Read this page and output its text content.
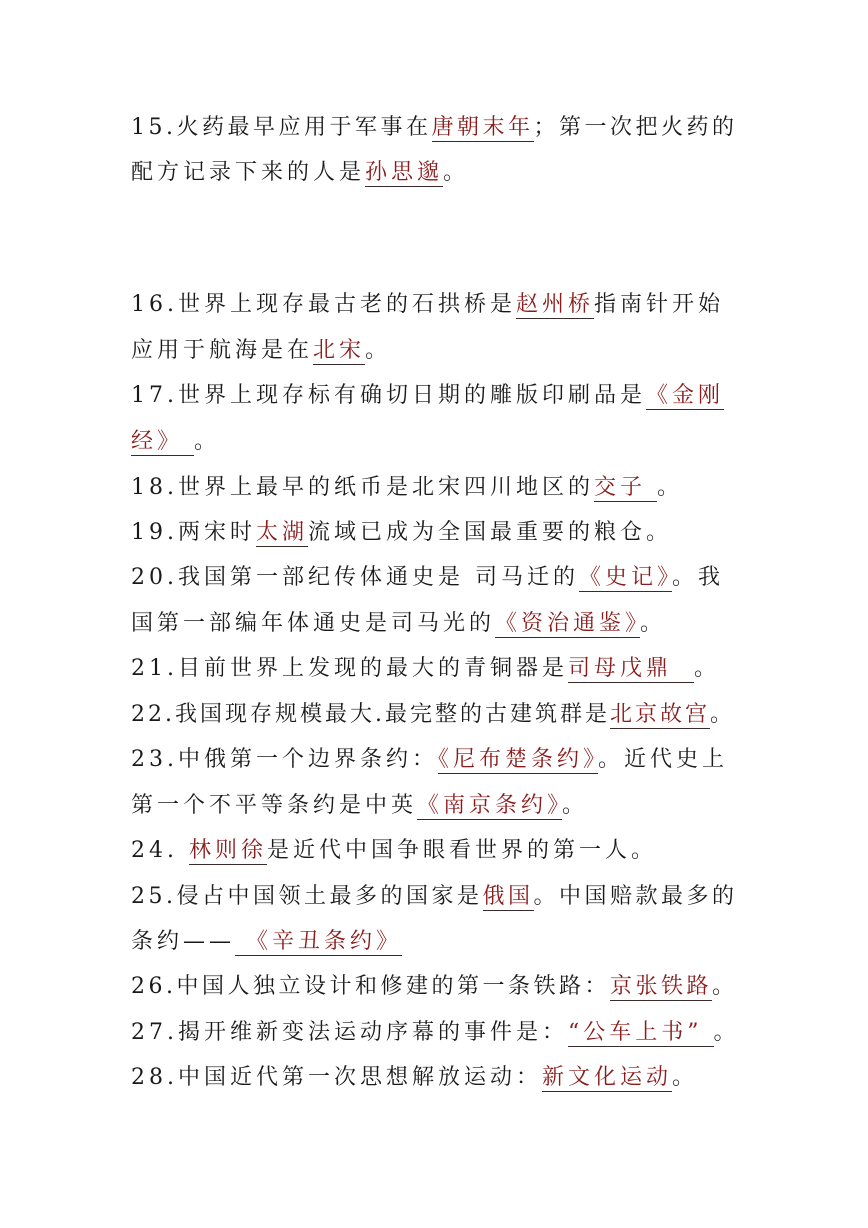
15.火药最早应用于军事在唐朝末年；第一次把火药的
配方记录下来的人是孙思邈。
16.世界上现存最古老的石拱桥是赵州桥指南针开始
应用于航海是在北宋。
17.世界上现存标有确切日期的雕版印刷品是《金刚
经》 。
18.世界上最早的纸币是北宋四川地区的交子 。
19.两宋时太湖流域已成为全国最重要的粮仓。
20.我国第一部纪传体通史是 司马迁的《史记》。我
国第一部编年体通史是司马光的《资治通鉴》。
21.目前世界上发现的最大的青铜器是司母戊鼎  。
22.我国现存规模最大.最完整的古建筑群是北京故宫。
23.中俄第一个边界条约：《尼布楚条约》。近代史上
第一个不平等条约是中英《南京条约》。
24. 林则徐是近代中国争眼看世界的第一人。
25.侵占中国领土最多的国家是俄国。中国赔款最多的
条约—— 《辛丑条约》
26.中国人独立设计和修建的第一条铁路：京张铁路。
27.揭开维新变法运动序幕的事件是：“公车上书” 。
28.中国近代第一次思想解放运动：新文化运动。
